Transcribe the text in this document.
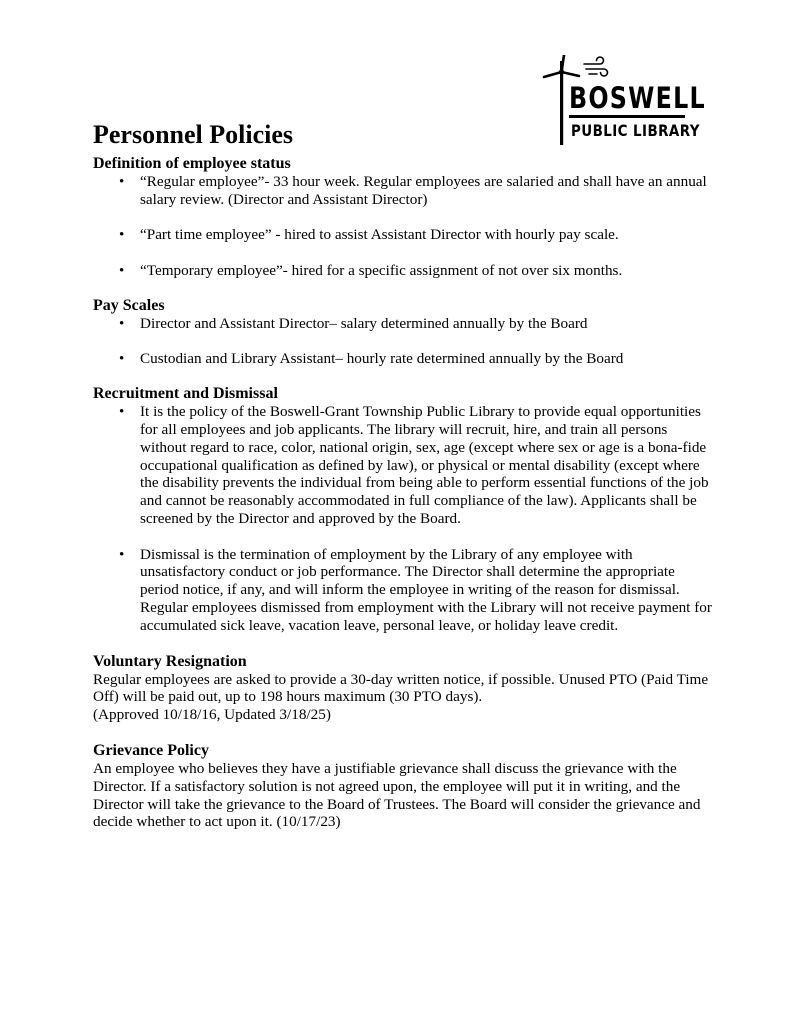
BOSWELL
PUBLIC LIBRARY
Personnel Policies
Definition of employee status
• “Regular employee”- 33 hour week. Regular employees are salaried and shall have an annual salary review. (Director and Assistant Director)
• “Part time employee” - hired to assist Assistant Director with hourly pay scale.
• “Temporary employee”- hired for a specific assignment of not over six months.
Pay Scales
• Director and Assistant Director– salary determined annually by the Board
• Custodian and Library Assistant– hourly rate determined annually by the Board
Recruitment and Dismissal
• It is the policy of the Boswell-Grant Township Public Library to provide equal opportunities for all employees and job applicants. The library will recruit, hire, and train all persons without regard to race, color, national origin, sex, age (except where sex or age is a bona-fide occupational qualification as defined by law), or physical or mental disability (except where the disability prevents the individual from being able to perform essential functions of the job and cannot be reasonably accommodated in full compliance of the law). Applicants shall be screened by the Director and approved by the Board.
• Dismissal is the termination of employment by the Library of any employee with unsatisfactory conduct or job performance. The Director shall determine the appropriate period notice, if any, and will inform the employee in writing of the reason for dismissal. Regular employees dismissed from employment with the Library will not receive payment for accumulated sick leave, vacation leave, personal leave, or holiday leave credit.
Voluntary Resignation

Regular employees are asked to provide a 30-day written notice, if possible. Unused PTO (Paid Time Off) will be paid out, up to 198 hours maximum (30 PTO days).

(Approved 10/18/16, Updated 3/18/25)

Grievance Policy

An employee who believes they have a justifiable grievance shall discuss the grievance with the Director. If a satisfactory solution is not agreed upon, the employee will put it in writing, and the Director will take the grievance to the Board of Trustees. The Board will consider the grievance and decide whether to act upon it. (10/17/23)
